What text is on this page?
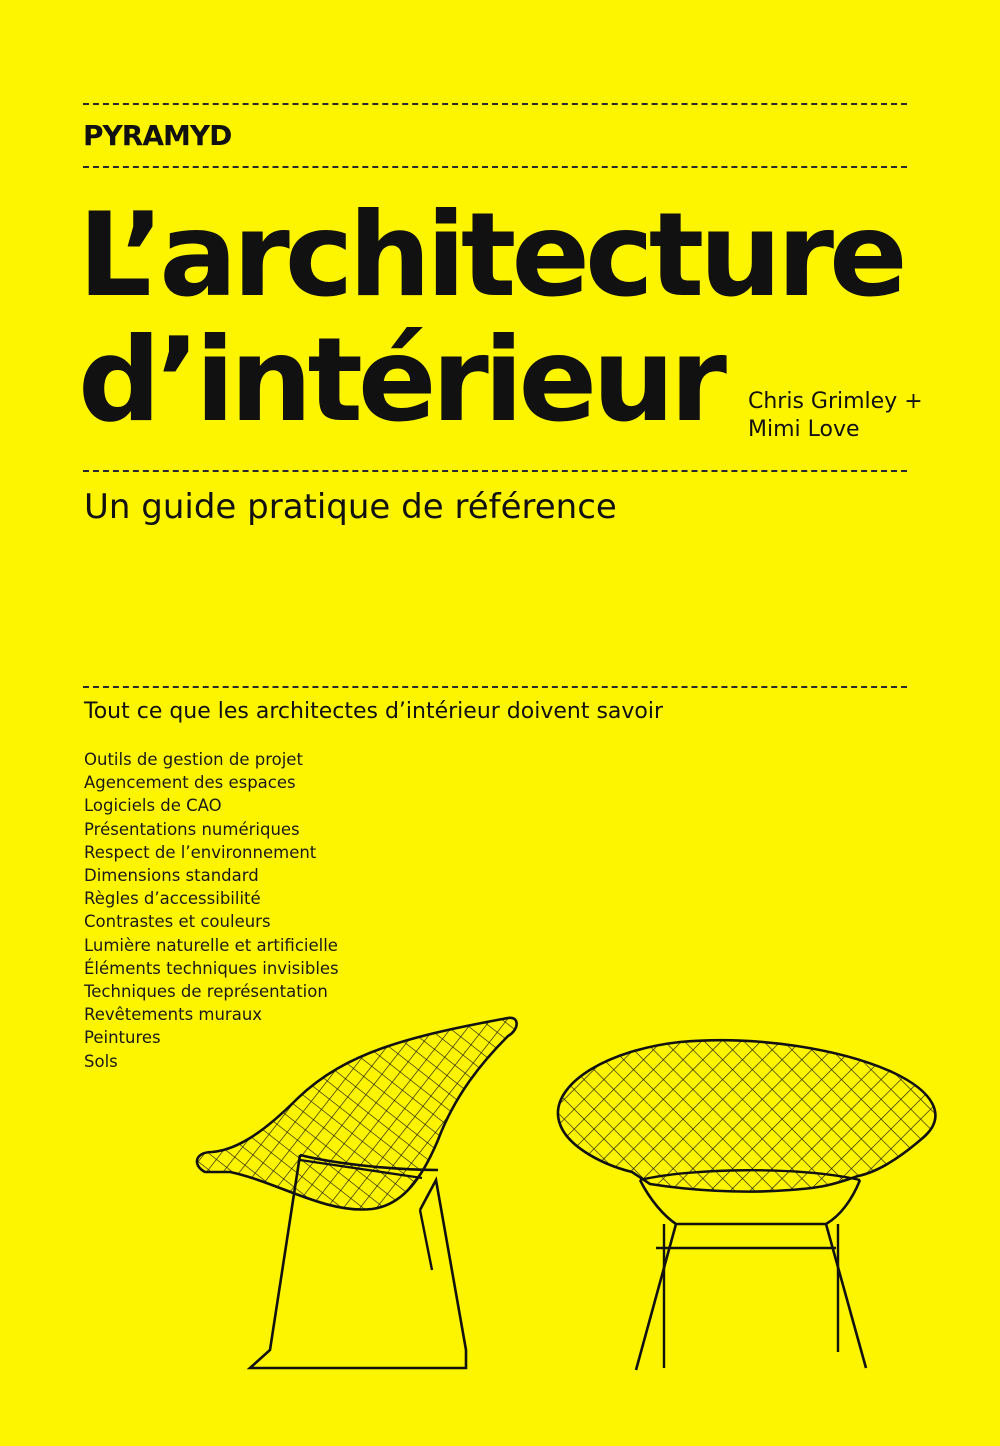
PYRAMYD
L’architecture
d’intérieur Chris Grimley +
Mimi Love
Un guide pratique de référence
Tout ce que les architectes d’intérieur doivent savoir
Outils de gestion de projet
Agencement des espaces
Logiciels de CAO
Présentations numériques
Respect de l’environnement
Dimensions standard
Règles d’accessibilité
Contrastes et couleurs
Lumière naturelle et artificielle
Éléments techniques invisibles
Techniques de représentation
Revêtements muraux
Peintures
Sols
